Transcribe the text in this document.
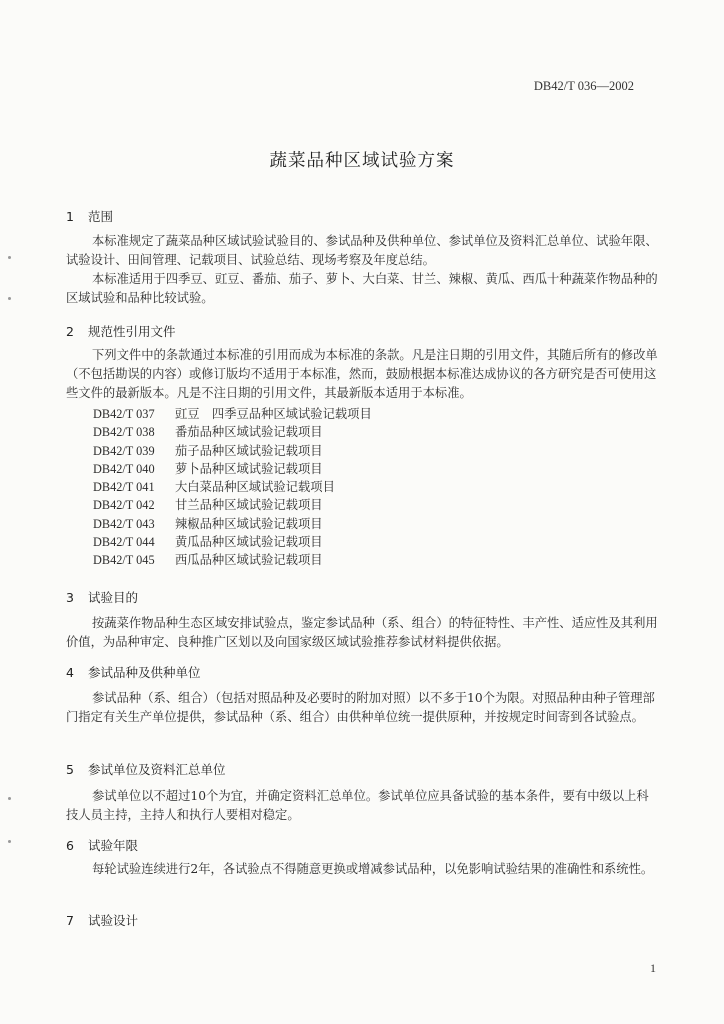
DB42/T 036—2002
蔬菜品种区域试验方案
1 范围
本标准规定了蔬菜品种区域试验试验目的、参试品种及供种单位、参试单位及资料汇总单位、试验年限、试验设计、田间管理、记载项目、试验总结、现场考察及年度总结。
本标准适用于四季豆、豇豆、番茄、茄子、萝卜、大白菜、甘兰、辣椒、黄瓜、西瓜十种蔬菜作物品种的区域试验和品种比较试验。
2 规范性引用文件
下列文件中的条款通过本标准的引用而成为本标准的条款。凡是注日期的引用文件，其随后所有的修改单（不包括勘误的内容）或修订版均不适用于本标准，然而，鼓励根据本标准达成协议的各方研究是否可使用这些文件的最新版本。凡是不注日期的引用文件，其最新版本适用于本标准。
DB42/T 037	豇豆　四季豆品种区域试验记载项目
DB42/T 038	番茄品种区域试验记载项目
DB42/T 039	茄子品种区域试验记载项目
DB42/T 040	萝卜品种区域试验记载项目
DB42/T 041	大白菜品种区域试验记载项目
DB42/T 042	甘兰品种区域试验记载项目
DB42/T 043	辣椒品种区域试验记载项目
DB42/T 044	黄瓜品种区域试验记载项目
DB42/T 045	西瓜品种区域试验记载项目
3 试验目的
按蔬菜作物品种生态区域安排试验点，鉴定参试品种（系、组合）的特征特性、丰产性、适应性及其利用价值，为品种审定、良种推广区划以及向国家级区域试验推荐参试材料提供依据。
4 参试品种及供种单位
参试品种（系、组合）（包括对照品种及必要时的附加对照）以不多于10个为限。对照品种由种子管理部门指定有关生产单位提供，参试品种（系、组合）由供种单位统一提供原种，并按规定时间寄到各试验点。
5 参试单位及资料汇总单位
参试单位以不超过10个为宜，并确定资料汇总单位。参试单位应具备试验的基本条件，要有中级以上科技人员主持，主持人和执行人要相对稳定。
6 试验年限
每轮试验连续进行2年，各试验点不得随意更换或增减参试品种，以免影响试验结果的准确性和系统性。
7 试验设计
1
